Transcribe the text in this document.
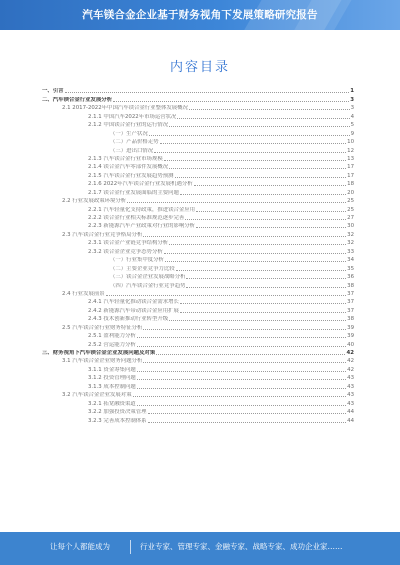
汽车镁合金企业基于财务视角下发展策略研究报告
内容目录
一、引言	1
二、汽车镁合金行业发展分析	3
2.1 2017-2022年中国汽车镁合金行业整体发展概况	3
2.1.1 中国汽车2022年市场运营状况	4
2.1.2 中国镁合金行业的运行情况	5
（一）生产状况	9
（二）产品价格走势	10
（三）进出口情况	12
2.1.3 汽车镁合金行业市场规模	13
2.1.4 镁合金汽车零部件发展概况	17
2.1.5 汽车镁合金行业发展趋势预测	17
2.1.6 2022年汽车镁合金行业发展机遇分析	18
2.1.7 镁合金行业发展面临的主要问题	20
2.2 行业发展政策环境分析	25
2.2.1 汽车轻量化支持政策，推进镁合金应用	25
2.2.2 镁合金行业相关标准规范逐步完善	27
2.2.3 新能源汽车产业政策对行业的影响分析	30
2.3 汽车镁合金行业竞争格局分析	32
2.3.1 镁合金产业链竞争结构分析	32
2.3.2 镁合金企业竞争态势分析	33
（一）行业集中度分析	34
（二）主要企业竞争力比较	35
（三）镁合金企业发展战略分析	36
（四）汽车镁合金行业竞争趋势	38
2.4 行业发展前景	37
2.4.1 汽车轻量化推动镁合金需求增长	37
2.4.2 新能源汽车带动镁合金应用扩展	37
2.4.3 技术创新推动行业转型升级	38
2.5 汽车镁合金行业财务特征分析	39
2.5.1 盈利能力分析	39
2.5.2 营运能力分析	40
三、财务视角下汽车镁合金企业发展问题及对策	42
3.1 汽车镁合金企业财务问题分析	42
3.1.1 资金筹集问题	42
3.1.2 投资管理问题	43
3.1.3 成本控制问题	43
3.2 汽车镁合金企业发展对策	43
3.2.1 拓宽融资渠道	43
3.2.2 加强投资决策管理	44
3.2.3 完善成本控制体系	44
让每个人都能成为	行业专家、管理专家、金融专家、战略专家、成功企业家……
